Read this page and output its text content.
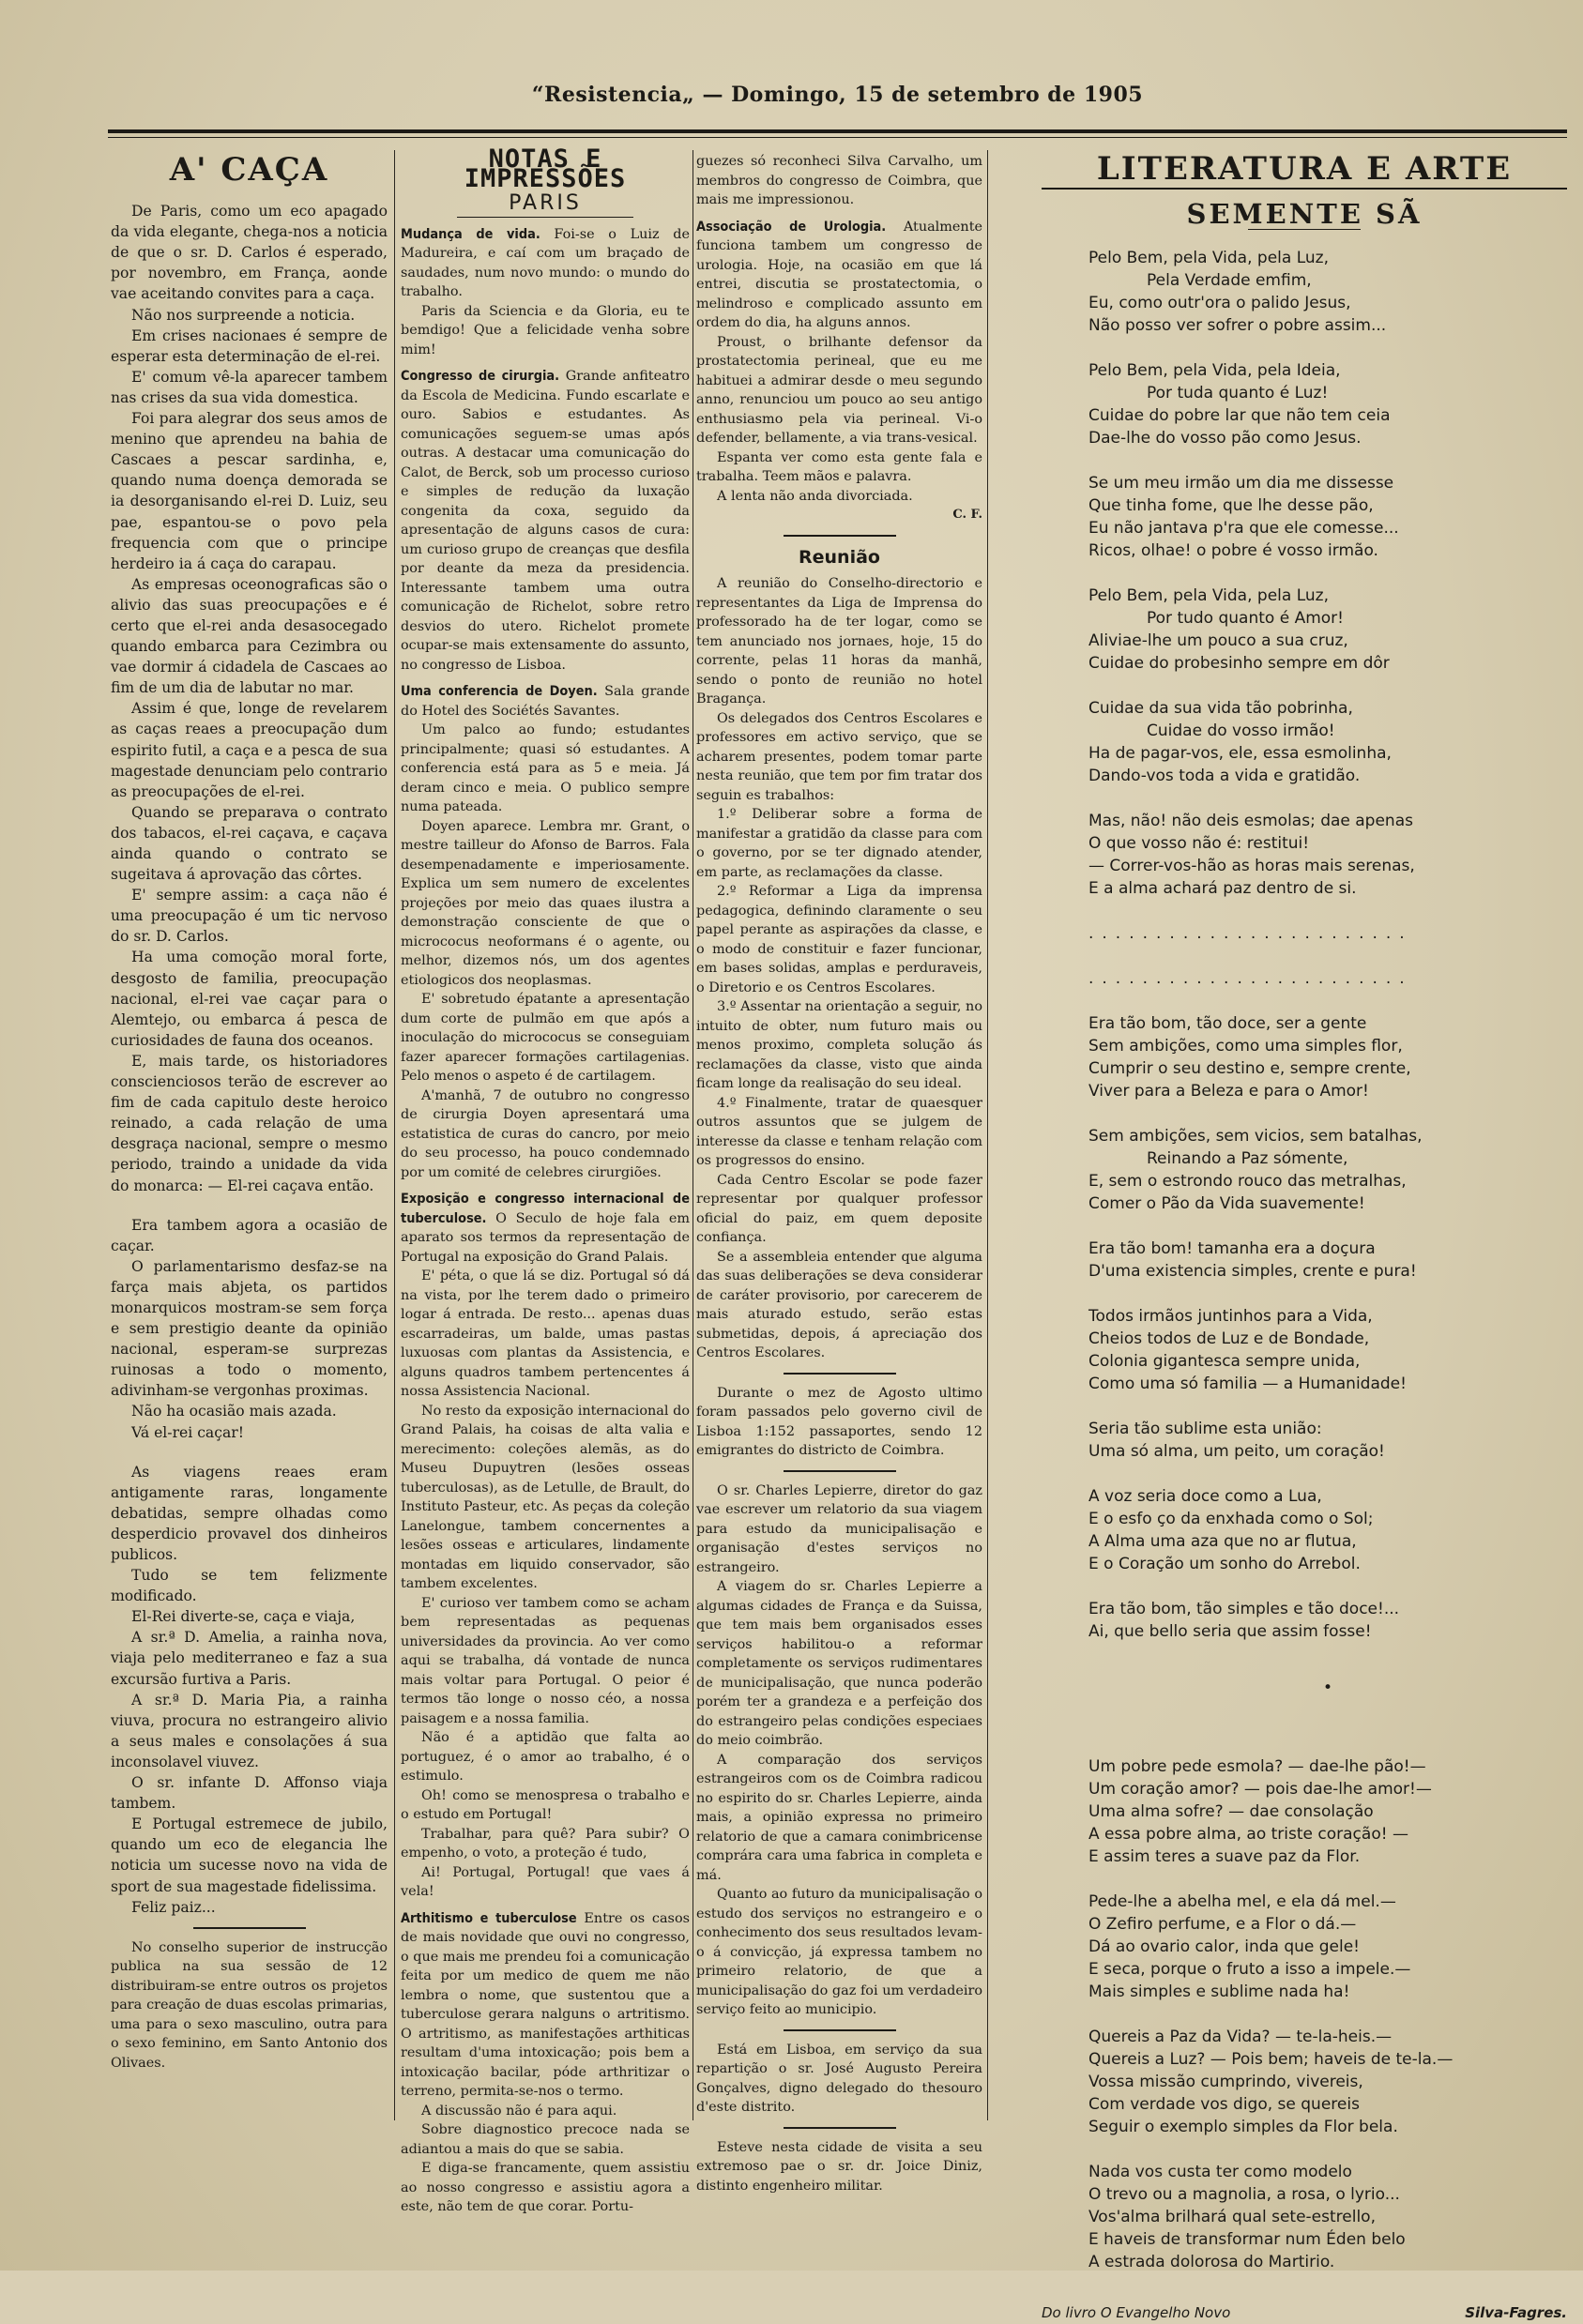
“Resistencia„ — Domingo, 15 de setembro de 1905
A' CAÇA

De Paris, como um eco apagado da vida elegante, chega-nos a noticia de que o sr. D. Carlos é esperado, por novembro, em França, aonde vae aceitando convites para a caça.

Não nos surpreende a noticia.

Em crises nacionaes é sempre de esperar esta determinação de el-rei.

E' comum vê-la aparecer tambem nas crises da sua vida domestica.

Foi para alegrar dos seus amos de menino que aprendeu na bahia de Cascaes a pescar sardinha, e, quando numa doença demorada se ia desorganisando el-rei D. Luiz, seu pae, espantou-se o povo pela frequencia com que o principe herdeiro ia á caça do carapau.

As empresas oceonograficas são o alivio das suas preocupações e é certo que el-rei anda desasocegado quando embarca para Cezimbra ou vae dormir á cidadela de Cascaes ao fim de um dia de labutar no mar.

Assim é que, longe de revelarem as caças reaes a preocupação dum espirito futil, a caça e a pesca de sua magestade denunciam pelo contrario as preocupações de el-rei.

Quando se preparava o contrato dos tabacos, el-rei caçava, e caçava ainda quando o contrato se sugeitava á aprovação das côrtes.

E' sempre assim: a caça não é uma preocupação é um tic nervoso do sr. D. Carlos.

Ha uma comoção moral forte, desgosto de familia, preocupação nacional, el-rei vae caçar para o Alemtejo, ou embarca á pesca de curiosidades de fauna dos oceanos.

E, mais tarde, os historiadores conscienciosos terão de escrever ao fim de cada capitulo deste heroico reinado, a cada relação de uma desgraça nacional, sempre o mesmo periodo, traindo a unidade da vida do monarca: — El-rei caçava então.

Era tambem agora a ocasião de caçar.

O parlamentarismo desfaz-se na farça mais abjeta, os partidos monarquicos mostram-se sem força e sem prestigio deante da opinião nacional, esperam-se surprezas ruinosas a todo o momento, adivinham-se vergonhas proximas.

Não ha ocasião mais azada.

Vá el-rei caçar!

As viagens reaes eram antigamente raras, longamente debatidas, sempre olhadas como desperdicio provavel dos dinheiros publicos.

Tudo se tem felizmente modificado.

El-Rei diverte-se, caça e viaja,

A sr.ª D. Amelia, a rainha nova, viaja pelo mediterraneo e faz a sua excursão furtiva a Paris.

A sr.ª D. Maria Pia, a rainha viuva, procura no estrangeiro alivio a seus males e consolações á sua inconsolavel viuvez.

O sr. infante D. Affonso viaja tambem.

E Portugal estremece de jubilo, quando um eco de elegancia lhe noticia um sucesse novo na vida de sport de sua magestade fidelissima.

Feliz paiz...

No conselho superior de instrucção publica na sua sessão de 12 distribuiram-se entre outros os projetos para creação de duas escolas primarias, uma para o sexo masculino, outra para o sexo feminino, em Santo Antonio dos Olivaes.

NOTAS E IMPRESSÕES
PARIS

Mudança de vida. Foi-se o Luiz de Madureira, e caí com um braçado de saudades, num novo mundo: o mundo do trabalho.

Paris da Sciencia e da Gloria, eu te bemdigo! Que a felicidade venha sobre mim!

Congresso de cirurgia. Grande anfiteatro da Escola de Medicina. Fundo escarlate e ouro. Sabios e estudantes. As comunicações seguem-se umas após outras. A destacar uma comunicação do Calot, de Berck, sob um processo curioso e simples de redução da luxação congenita da coxa, seguido da apresentação de alguns casos de cura: um curioso grupo de creanças que desfila por deante da meza da presidencia. Interessante tambem uma outra comunicação de Richelot, sobre retro desvios do utero. Richelot promete ocupar-se mais extensamente do assunto, no congresso de Lisboa.

Uma conferencia de Doyen. Sala grande do Hotel des Sociétés Savantes.

Um palco ao fundo; estudantes principalmente; quasi só estudantes. A conferencia está para as 5 e meia. Já deram cinco e meia. O publico sempre numa pateada.

Doyen aparece. Lembra mr. Grant, o mestre tailleur do Afonso de Barros. Fala desempenadamente e imperiosamente. Explica um sem numero de excelentes projeções por meio das quaes ilustra a demonstração consciente de que o micrococus neoformans é o agente, ou melhor, dizemos nós, um dos agentes etiologicos dos neoplasmas.

E' sobretudo épatante a apresentação dum corte de pulmão em que após a inoculação do micrococus se conseguiam fazer aparecer formações cartilagenias. Pelo menos o aspeto é de cartilagem.

A'manhã, 7 de outubro no congresso de cirurgia Doyen apresentará uma estatistica de curas do cancro, por meio do seu processo, ha pouco condemnado por um comité de celebres cirurgiões.

Exposição e congresso internacional de tuberculose. O Seculo de hoje fala em aparato sos termos da representação de Portugal na exposição do Grand Palais.

E' péta, o que lá se diz. Portugal só dá na vista, por lhe terem dado o primeiro logar á entrada. De resto... apenas duas escarradeiras, um balde, umas pastas luxuosas com plantas da Assistencia, e alguns quadros tambem pertencentes á nossa Assistencia Nacional.

No resto da exposição internacional do Grand Palais, ha coisas de alta valia e merecimento: coleções alemãs, as do Museu Dupuytren (lesões osseas tuberculosas), as de Letulle, de Brault, do Instituto Pasteur, etc. As peças da coleção Lanelongue, tambem concernentes a lesões osseas e articulares, lindamente montadas em liquido conservador, são tambem excelentes.

E' curioso ver tambem como se acham bem representadas as pequenas universidades da provincia. Ao ver como aqui se trabalha, dá vontade de nunca mais voltar para Portugal. O peior é termos tão longe o nosso céo, a nossa paisagem e a nossa familia.

Não é a aptidão que falta ao portuguez, é o amor ao trabalho, é o estimulo.

Oh! como se menospresa o trabalho e o estudo em Portugal!

Trabalhar, para quê? Para subir? O empenho, o voto, a proteção é tudo,

Ai! Portugal, Portugal! que vaes á vela!

Arthitismo e tuberculose Entre os casos de mais novidade que ouvi no congresso, o que mais me prendeu foi a comunicação feita por um medico de quem me não lembra o nome, que sustentou que a tuberculose gerara nalguns o artritismo. O artritismo, as manifestações arthiticas resultam d'uma intoxicação; pois bem a intoxicação bacilar, póde arthritizar o terreno, permita-se-nos o termo.

A discussão não é para aqui.

Sobre diagnostico precoce nada se adiantou a mais do que se sabia.

E diga-se francamente, quem assistiu ao nosso congresso e assistiu agora a este, não tem de que corar. Portu-

guezes só reconheci Silva Carvalho, um membros do congresso de Coimbra, que mais me impressionou.

Associação de Urologia. Atualmente funciona tambem um congresso de urologia. Hoje, na ocasião em que lá entrei, discutia se prostatectomia, o melindroso e complicado assunto em ordem do dia, ha alguns annos.

Proust, o brilhante defensor da prostatectomia perineal, que eu me habituei a admirar desde o meu segundo anno, renunciou um pouco ao seu antigo enthusiasmo pela via perineal. Vi-o defender, bellamente, a via trans-vesical.

Espanta ver como esta gente fala e trabalha. Teem mãos e palavra.

A lenta não anda divorciada.

C. F.
Reunião

A reunião do Conselho-directorio e representantes da Liga de Imprensa do professorado ha de ter logar, como se tem anunciado nos jornaes, hoje, 15 do corrente, pelas 11 horas da manhã, sendo o ponto de reunião no hotel Bragança.

Os delegados dos Centros Escolares e professores em activo serviço, que se acharem presentes, podem tomar parte nesta reunião, que tem por fim tratar dos seguin es trabalhos:

1.º Deliberar sobre a forma de manifestar a gratidão da classe para com o governo, por se ter dignado atender, em parte, as reclamações da classe.

2.º Reformar a Liga da imprensa pedagogica, definindo claramente o seu papel perante as aspirações da classe, e o modo de constituir e fazer funcionar, em bases solidas, amplas e perduraveis, o Diretorio e os Centros Escolares.

3.º Assentar na orientação a seguir, no intuito de obter, num futuro mais ou menos proximo, completa solução ás reclamações da classe, visto que ainda ficam longe da realisação do seu ideal.

4.º Finalmente, tratar de quaesquer outros assuntos que se julgem de interesse da classe e tenham relação com os progressos do ensino.

Cada Centro Escolar se pode fazer representar por qualquer professor oficial do paiz, em quem deposite confiança.

Se a assembleia entender que alguma das suas deliberações se deva considerar de caráter provisorio, por carecerem de mais aturado estudo, serão estas submetidas, depois, á apreciação dos Centros Escolares.

Durante o mez de Agosto ultimo foram passados pelo governo civil de Lisboa 1:152 passaportes, sendo 12 emigrantes do districto de Coimbra.

O sr. Charles Lepierre, diretor do gaz vae escrever um relatorio da sua viagem para estudo da municipalisação e organisação d'estes serviços no estrangeiro.

A viagem do sr. Charles Lepierre a algumas cidades de França e da Suissa, que tem mais bem organisados esses serviços habilitou-o a reformar completamente os serviços rudimentares de municipalisação, que nunca poderão porém ter a grandeza e a perfeição dos do estrangeiro pelas condições especiaes do meio coimbrão.

A comparação dos serviços estrangeiros com os de Coimbra radicou no espirito do sr. Charles Lepierre, ainda mais, a opinião expressa no primeiro relatorio de que a camara conimbricense comprára cara uma fabrica in completa e má.

Quanto ao futuro da municipalisação o estudo dos serviços no estrangeiro e o conhecimento dos seus resultados levam-o á convicção, já expressa tambem no primeiro relatorio, de que a municipalisação do gaz foi um verdadeiro serviço feito ao municipio.

Está em Lisboa, em serviço da sua repartição o sr. José Augusto Pereira Gonçalves, digno delegado do thesouro d'este distrito.

Esteve nesta cidade de visita a seu extremoso pae o sr. dr. Joice Diniz, distinto engenheiro militar.

LITERATURA E ARTE
SEMENTE SÃ
Pelo Bem, pela Vida, pela Luz,
Pela Verdade emfim,
Eu, como outr'ora o palido Jesus,
Não posso ver sofrer o pobre assim...
Pelo Bem, pela Vida, pela Ideia,
Por tuda quanto é Luz!
Cuidae do pobre lar que não tem ceia
Dae-lhe do vosso pão como Jesus.
Se um meu irmão um dia me dissesse
Que tinha fome, que lhe desse pão,
Eu não jantava p'ra que ele comesse...
Ricos, olhae! o pobre é vosso irmão.
Pelo Bem, pela Vida, pela Luz,
Por tudo quanto é Amor!
Aliviae-lhe um pouco a sua cruz,
Cuidae do probesinho sempre em dôr
Cuidae da sua vida tão pobrinha,
Cuidae do vosso irmão!
Ha de pagar-vos, ele, essa esmolinha,
Dando-vos toda a vida e gratidão.
Mas, não! não deis esmolas; dae apenas
O que vosso não é: restitui!
— Correr-vos-hão as horas mais serenas,
E a alma achará paz dentro de si.
........................
........................
Era tão bom, tão doce, ser a gente
Sem ambições, como uma simples flor,
Cumprir o seu destino e, sempre crente,
Viver para a Beleza e para o Amor!
Sem ambições, sem vicios, sem batalhas,
Reinando a Paz sómente,
E, sem o estrondo rouco das metralhas,
Comer o Pão da Vida suavemente!
Era tão bom! tamanha era a doçura
D'uma existencia simples, crente e pura!
Todos irmãos juntinhos para a Vida,
Cheios todos de Luz e de Bondade,
Colonia gigantesca sempre unida,
Como uma só familia — a Humanidade!
Seria tão sublime esta união:
Uma só alma, um peito, um coração!
A voz seria doce como a Lua,
E o esfo ço da enxhada como o Sol;
A Alma uma aza que no ar flutua,
E o Coração um sonho do Arrebol.
Era tão bom, tão simples e tão doce!...
Ai, que bello seria que assim fosse!
•
Um pobre pede esmola? — dae-lhe pão!—
Um coração amor? — pois dae-lhe amor!—
Uma alma sofre? — dae consolação
A essa pobre alma, ao triste coração! —
E assim teres a suave paz da Flor.
Pede-lhe a abelha mel, e ela dá mel.—
O Zefiro perfume, e a Flor o dá.—
Dá ao ovario calor, inda que gele!
E seca, porque o fruto a isso a impele.—
Mais simples e sublime nada ha!
Quereis a Paz da Vida? — te-la-heis.—
Quereis a Luz? — Pois bem; haveis de te-la.—
Vossa missão cumprindo, vivereis,
Com verdade vos digo, se quereis
Seguir o exemplo simples da Flor bela.
Nada vos custa ter como modelo
O trevo ou a magnolia, a rosa, o lyrio...
Vos'alma brilhará qual sete-estrello,
E haveis de transformar num Éden belo
A estrada dolorosa do Martirio.
Do livro O Evangelho Novo	Silva-Fagres.
